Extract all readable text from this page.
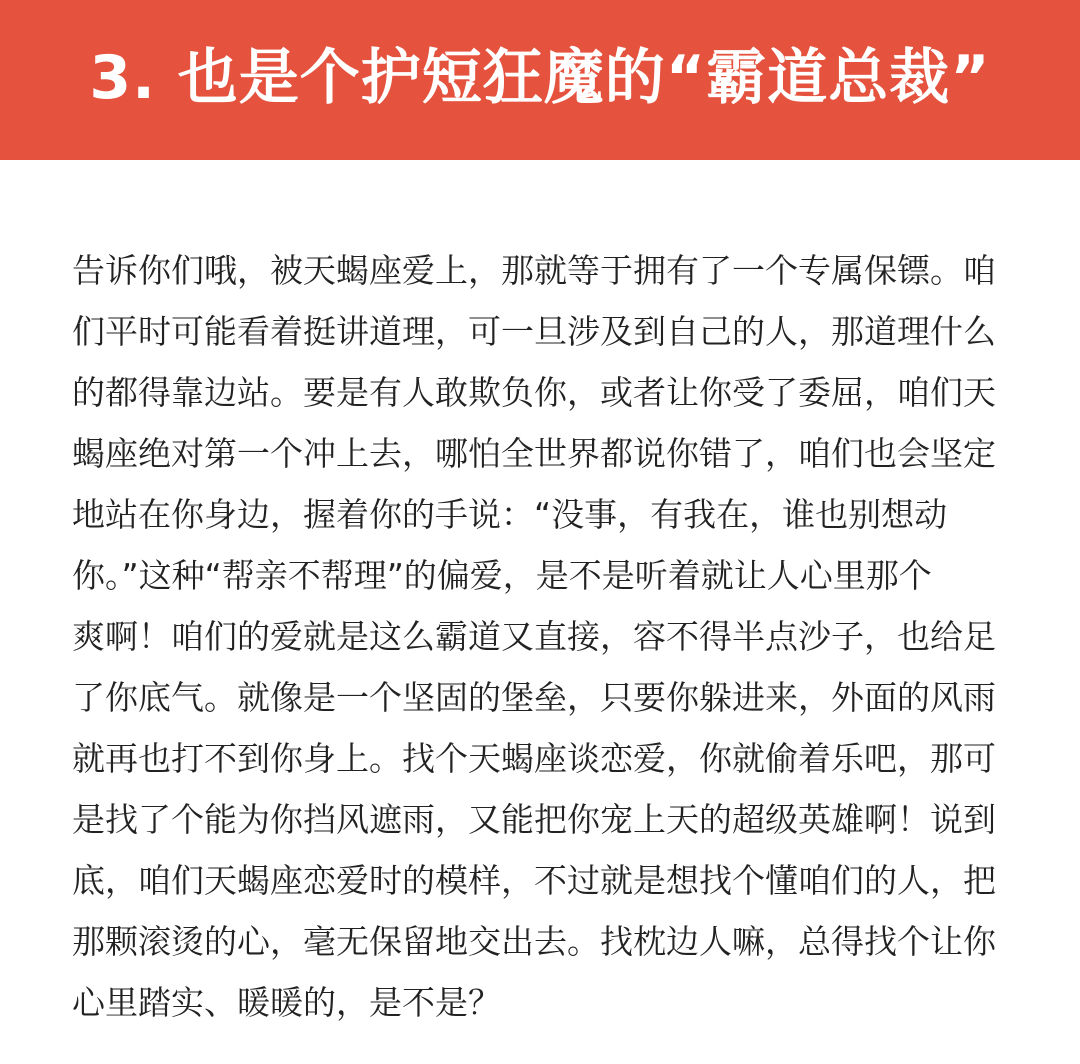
3. 也是个护短狂魔的“霸道总裁”
告诉你们哦，被天蝎座爱上，那就等于拥有了一个专属保镖。咱
们平时可能看着挺讲道理，可一旦涉及到自己的人，那道理什么
的都得靠边站。要是有人敢欺负你，或者让你受了委屈，咱们天
蝎座绝对第一个冲上去，哪怕全世界都说你错了，咱们也会坚定
地站在你身边，握着你的手说：“没事，有我在，谁也别想动
你。”这种“帮亲不帮理”的偏爱，是不是听着就让人心里那个
爽啊！咱们的爱就是这么霸道又直接，容不得半点沙子，也给足
了你底气。就像是一个坚固的堡垒，只要你躲进来，外面的风雨
就再也打不到你身上。找个天蝎座谈恋爱，你就偷着乐吧，那可
是找了个能为你挡风遮雨，又能把你宠上天的超级英雄啊！说到
底，咱们天蝎座恋爱时的模样，不过就是想找个懂咱们的人，把
那颗滚烫的心，毫无保留地交出去。找枕边人嘛，总得找个让你
心里踏实、暖暖的，是不是？
